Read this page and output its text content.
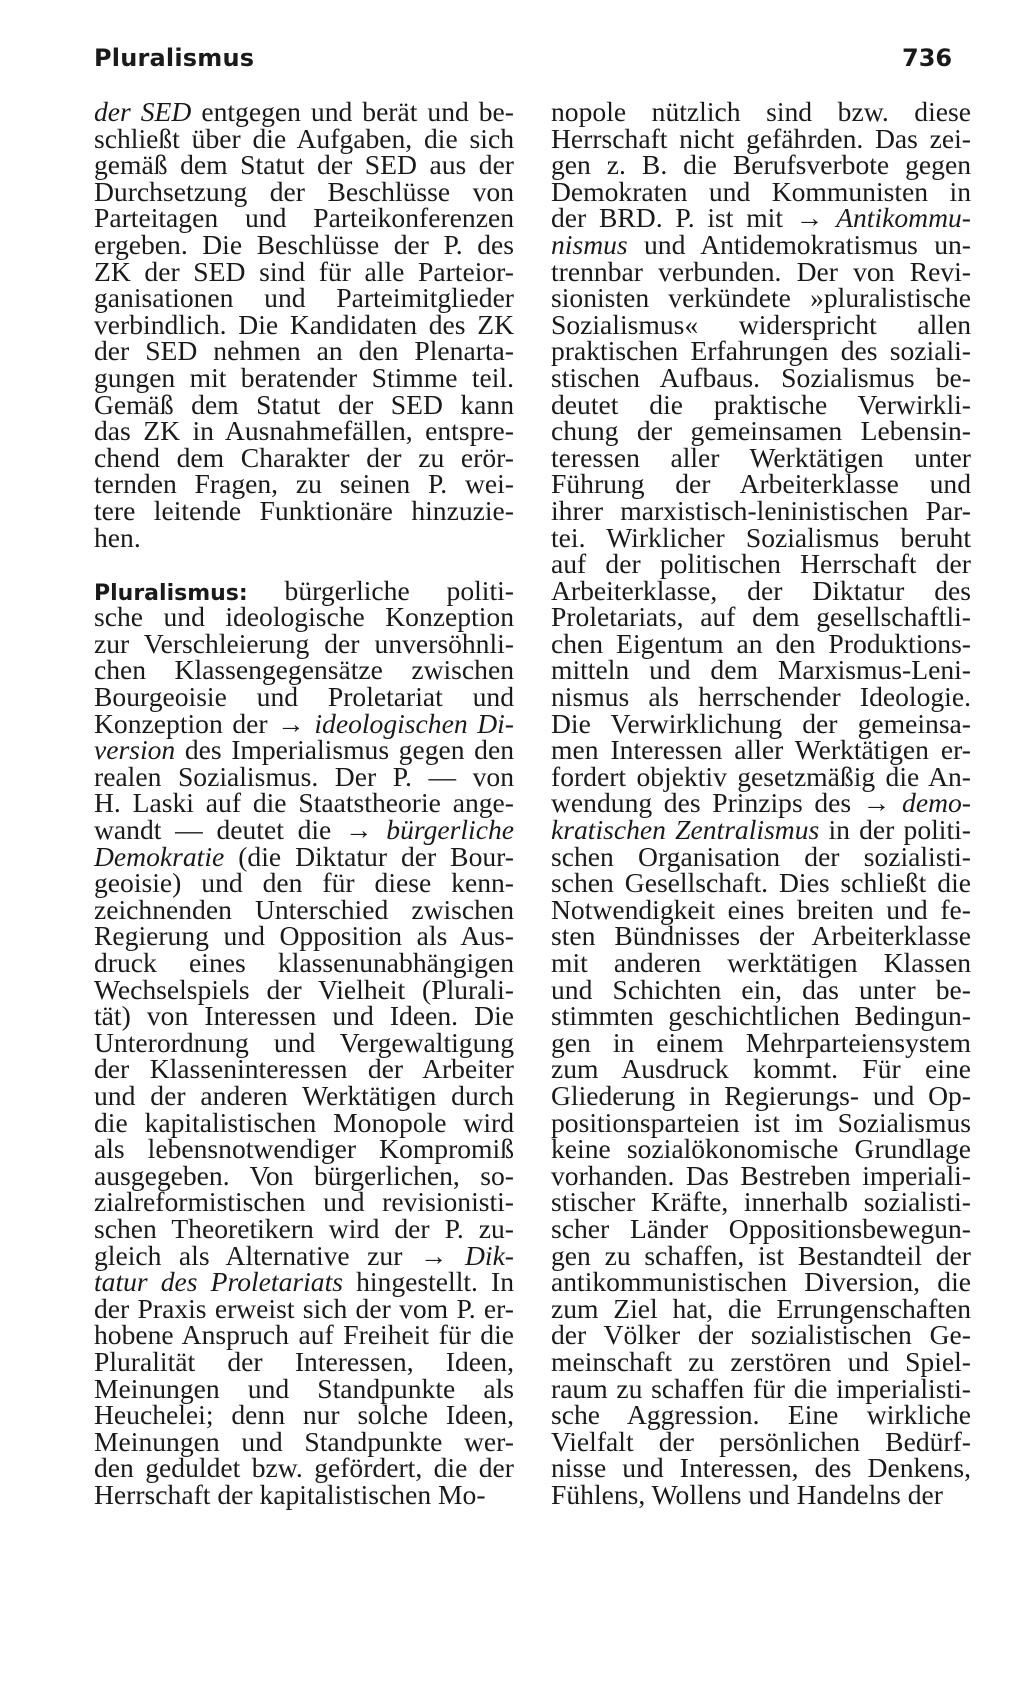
Pluralismus	736
der SED entgegen und berät und be-
schließt über die Aufgaben, die sich
gemäß dem Statut der SED aus der
Durchsetzung der Beschlüsse von
Parteitagen und Parteikonferenzen
ergeben. Die Beschlüsse der P. des
ZK der SED sind für alle Parteior-
ganisationen und Parteimitglieder
verbindlich. Die Kandidaten des ZK
der SED nehmen an den Plenarta-
gungen mit beratender Stimme teil.
Gemäß dem Statut der SED kann
das ZK in Ausnahmefällen, entspre-
chend dem Charakter der zu erör-
ternden Fragen, zu seinen P. wei-
tere leitende Funktionäre hinzuzie-
hen.
Pluralismus: bürgerliche politi-
sche und ideologische Konzeption
zur Verschleierung der unversöhnli-
chen Klassengegensätze zwischen
Bourgeoisie und Proletariat und
Konzeption der → ideologischen Di-
version des Imperialismus gegen den
realen Sozialismus. Der P. — von
H. Laski auf die Staatstheorie ange-
wandt — deutet die → bürgerliche
Demokratie (die Diktatur der Bour-
geoisie) und den für diese kenn-
zeichnenden Unterschied zwischen
Regierung und Opposition als Aus-
druck eines klassenunabhängigen
Wechselspiels der Vielheit (Plurali-
tät) von Interessen und Ideen. Die
Unterordnung und Vergewaltigung
der Klasseninteressen der Arbeiter
und der anderen Werktätigen durch
die kapitalistischen Monopole wird
als lebensnotwendiger Kompromiß
ausgegeben. Von bürgerlichen, so-
zialreformistischen und revisionisti-
schen Theoretikern wird der P. zu-
gleich als Alternative zur → Dik-
tatur des Proletariats hingestellt. In
der Praxis erweist sich der vom P. er-
hobene Anspruch auf Freiheit für die
Pluralität der Interessen, Ideen,
Meinungen und Standpunkte als
Heuchelei; denn nur solche Ideen,
Meinungen und Standpunkte wer-
den geduldet bzw. gefördert, die der
Herrschaft der kapitalistischen Mo-
nopole nützlich sind bzw. diese
Herrschaft nicht gefährden. Das zei-
gen z. B. die Berufsverbote gegen
Demokraten und Kommunisten in
der BRD. P. ist mit → Antikommu-
nismus und Antidemokratismus un-
trennbar verbunden. Der von Revi-
sionisten verkündete »pluralistische
Sozialismus« widerspricht allen
praktischen Erfahrungen des soziali-
stischen Aufbaus. Sozialismus be-
deutet die praktische Verwirkli-
chung der gemeinsamen Lebensin-
teressen aller Werktätigen unter
Führung der Arbeiterklasse und
ihrer marxistisch-leninistischen Par-
tei. Wirklicher Sozialismus beruht
auf der politischen Herrschaft der
Arbeiterklasse, der Diktatur des
Proletariats, auf dem gesellschaftli-
chen Eigentum an den Produktions-
mitteln und dem Marxismus-Leni-
nismus als herrschender Ideologie.
Die Verwirklichung der gemeinsa-
men Interessen aller Werktätigen er-
fordert objektiv gesetzmäßig die An-
wendung des Prinzips des → demo-
kratischen Zentralismus in der politi-
schen Organisation der sozialisti-
schen Gesellschaft. Dies schließt die
Notwendigkeit eines breiten und fe-
sten Bündnisses der Arbeiterklasse
mit anderen werktätigen Klassen
und Schichten ein, das unter be-
stimmten geschichtlichen Bedingun-
gen in einem Mehrparteiensystem
zum Ausdruck kommt. Für eine
Gliederung in Regierungs- und Op-
positionsparteien ist im Sozialismus
keine sozialökonomische Grundlage
vorhanden. Das Bestreben imperiali-
stischer Kräfte, innerhalb sozialisti-
scher Länder Oppositionsbewegun-
gen zu schaffen, ist Bestandteil der
antikommunistischen Diversion, die
zum Ziel hat, die Errungenschaften
der Völker der sozialistischen Ge-
meinschaft zu zerstören und Spiel-
raum zu schaffen für die imperialisti-
sche Aggression. Eine wirkliche
Vielfalt der persönlichen Bedürf-
nisse und Interessen, des Denkens,
Fühlens, Wollens und Handelns der
